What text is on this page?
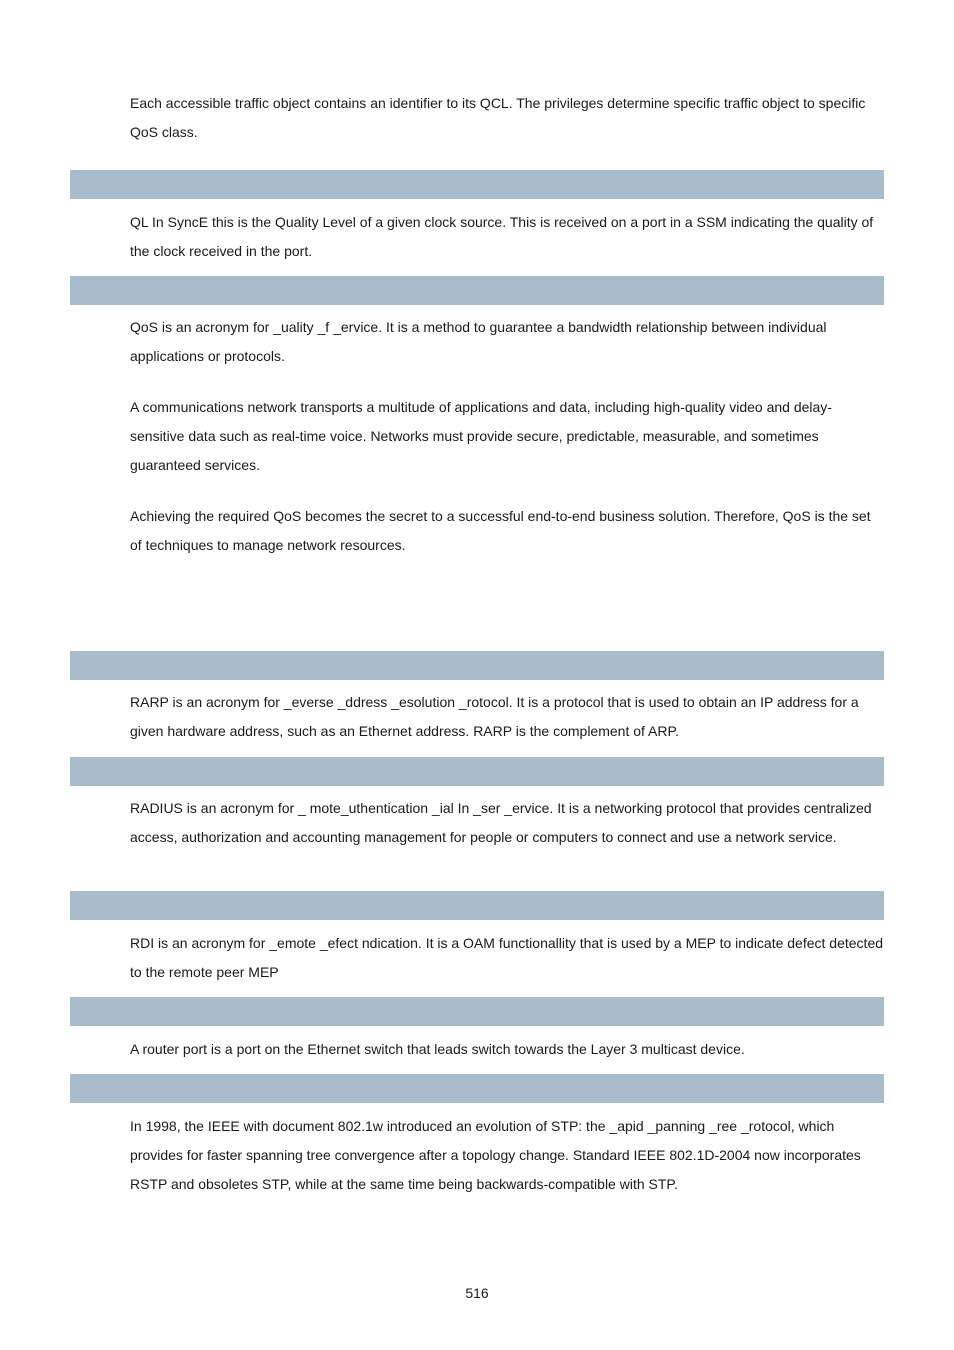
Each accessible traffic object contains an identifier to its QCL. The privileges determine specific traffic object to specific QoS class.

QL In SyncE this is the Quality Level of a given clock source. This is received on a port in a SSM indicating the quality of the clock received in the port.

QoS is an acronym for _uality _f _ervice. It is a method to guarantee a bandwidth relationship between individual applications or protocols.

A communications network transports a multitude of applications and data, including high-quality video and delay-sensitive data such as real-time voice. Networks must provide secure, predictable, measurable, and sometimes guaranteed services.

Achieving the required QoS becomes the secret to a successful end-to-end business solution. Therefore, QoS is the set of techniques to manage network resources.

RARP is an acronym for _everse _ddress _esolution _rotocol. It is a protocol that is used to obtain an IP address for a given hardware address, such as an Ethernet address. RARP is the complement of ARP.

RADIUS is an acronym for _ mote_uthentication _ial In _ser _ervice. It is a networking protocol that provides centralized access, authorization and accounting management for people or computers to connect and use a network service.

RDI is an acronym for _emote _efect ndication. It is a OAM functionallity that is used by a MEP to indicate defect detected to the remote peer MEP

A router port is a port on the Ethernet switch that leads switch towards the Layer 3 multicast device.

In 1998, the IEEE with document 802.1w introduced an evolution of STP: the _apid _panning _ree _rotocol, which provides for faster spanning tree convergence after a topology change. Standard IEEE 802.1D-2004 now incorporates RSTP and obsoletes STP, while at the same time being backwards-compatible with STP.

516
